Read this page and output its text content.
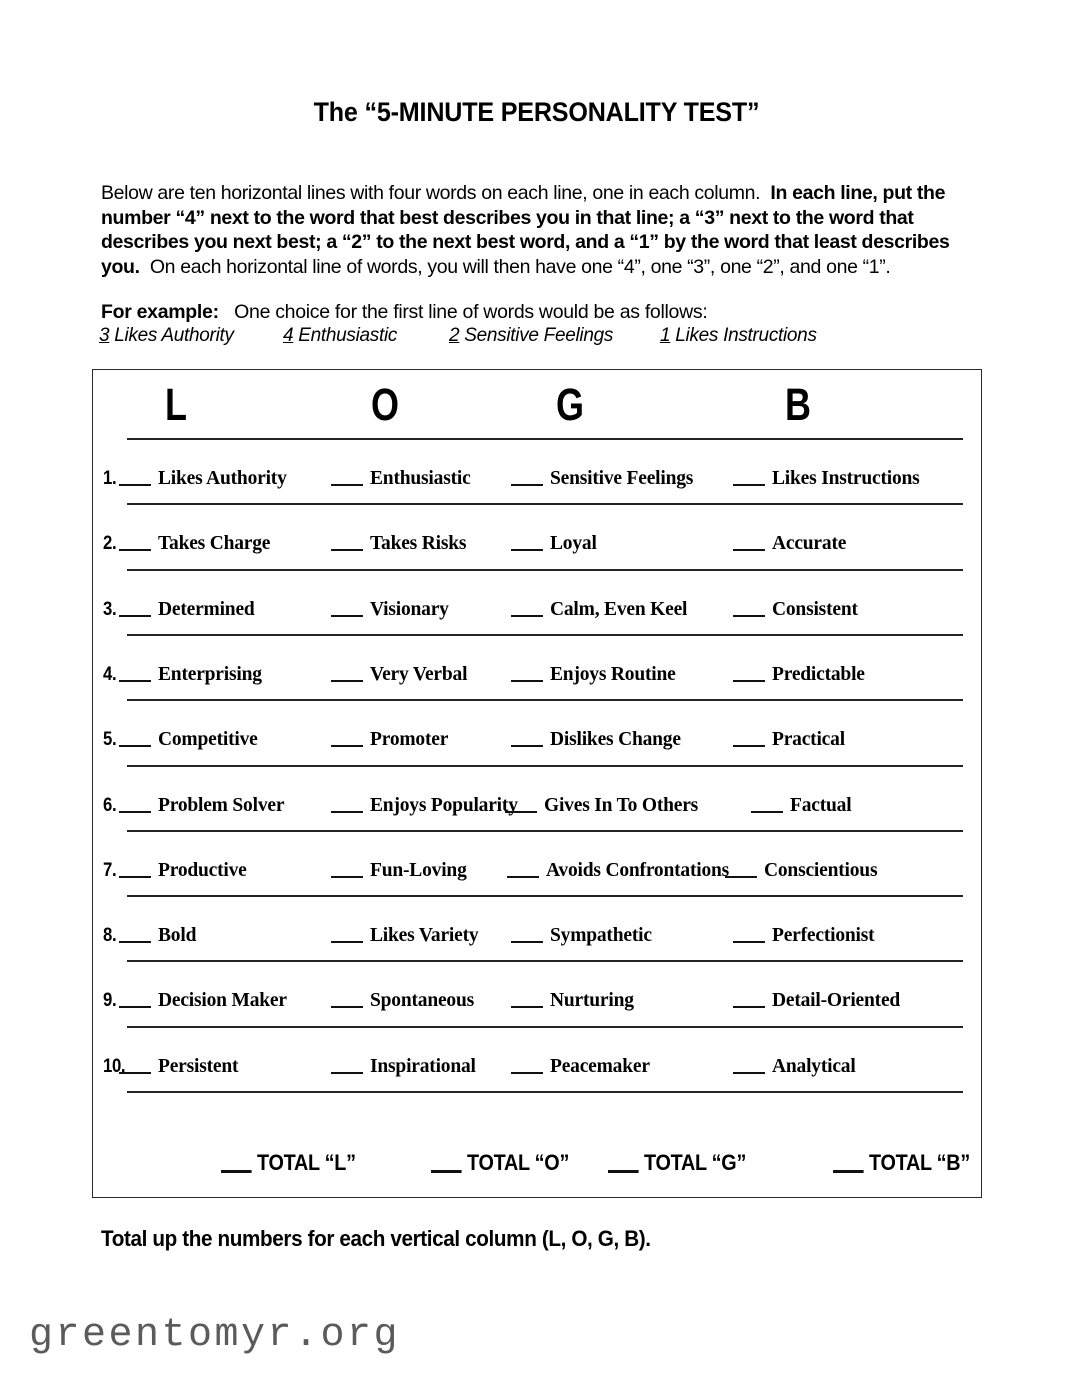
The “5-MINUTE PERSONALITY TEST”
Below are ten horizontal lines with four words on each line, one in each column. In each line, put the number “4” next to the word that best describes you in that line; a “3” next to the word that describes you next best; a “2” to the next best word, and a “1” by the word that least describes you. On each horizontal line of words, you will then have one “4”, one “3”, one “2”, and one “1”.
For example: One choice for the first line of words would be as follows:
3 Likes Authority	4 Enthusiastic	2 Sensitive Feelings 1 Likes Instructions
L	O	G	B
1.	Likes Authority	Enthusiastic	Sensitive Feelings	Likes Instructions
2.	Takes Charge	Takes Risks	Loyal	Accurate
3.	Determined	Visionary	Calm, Even Keel	Consistent
4.	Enterprising	Very Verbal	Enjoys Routine	Predictable
5.	Competitive	Promoter	Dislikes Change	Practical
6.	Problem Solver	Enjoys Popularity	Gives In To Others	Factual
7.	Productive	Fun-Loving	Avoids Confrontations	Conscientious
8.	Bold	Likes Variety	Sympathetic	Perfectionist
9.	Decision Maker	Spontaneous	Nurturing	Detail-Oriented
10.	Persistent	Inspirational	Peacemaker	Analytical
TOTAL “L”	TOTAL “O”	TOTAL “G”	TOTAL “B”
Total up the numbers for each vertical column (L, O, G, B).
greentomyr.org
